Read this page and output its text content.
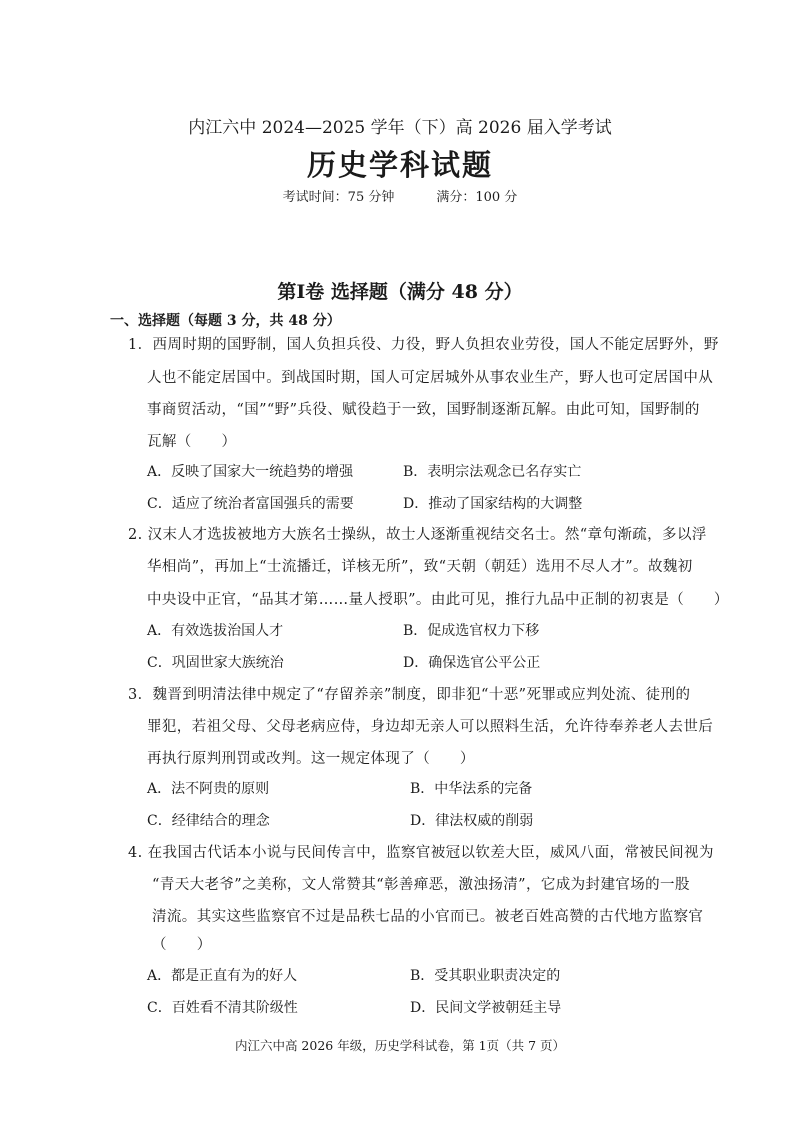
内江六中 2024—2025 学年（下）高 2026 届入学考试
历史学科试题
考试时间：75 分钟	满分：100 分
第Ⅰ卷 选择题（满分 48 分）
一、选择题（每题 3 分，共 48 分）
1．西周时期的国野制，国人负担兵役、力役，野人负担农业劳役，国人不能定居野外，野
人也不能定居国中。到战国时期，国人可定居城外从事农业生产，野人也可定居国中从
事商贸活动，“国”“野”兵役、赋役趋于一致，国野制逐渐瓦解。由此可知，国野制的
瓦解（　　）
A．反映了国家大一统趋势的增强	B．表明宗法观念已名存实亡
C．适应了统治者富国强兵的需要	D．推动了国家结构的大调整
2. 汉末人才选拔被地方大族名士操纵，故士人逐渐重视结交名士。然“章句渐疏，多以浮
华相尚”，再加上“士流播迁，详核无所”，致“天朝（朝廷）选用不尽人才”。故魏初
中央设中正官，“品其才第……量人授职”。由此可见，推行九品中正制的初衷是（　　）
A．有效选拔治国人才	B．促成选官权力下移
C．巩固世家大族统治	D．确保选官公平公正
3．魏晋到明清法律中规定了“存留养亲”制度，即非犯“十恶”死罪或应判处流、徒刑的
罪犯，若祖父母、父母老病应侍，身边却无亲人可以照料生活，允许待奉养老人去世后
再执行原判刑罚或改判。这一规定体现了（　　）
A．法不阿贵的原则	B．中华法系的完备
C．经律结合的理念	D．律法权威的削弱
4. 在我国古代话本小说与民间传言中，监察官被冠以钦差大臣，威风八面，常被民间视为
“青天大老爷”之美称，文人常赞其“彰善瘅恶，激浊扬清”，它成为封建官场的一股
清流。其实这些监察官不过是品秩七品的小官而已。被老百姓高赞的古代地方监察官
（　　）
A．都是正直有为的好人	B．受其职业职责决定的
C．百姓看不清其阶级性	D．民间文学被朝廷主导
内江六中高 2026 年级，历史学科试卷，第 1页（共 7 页）
